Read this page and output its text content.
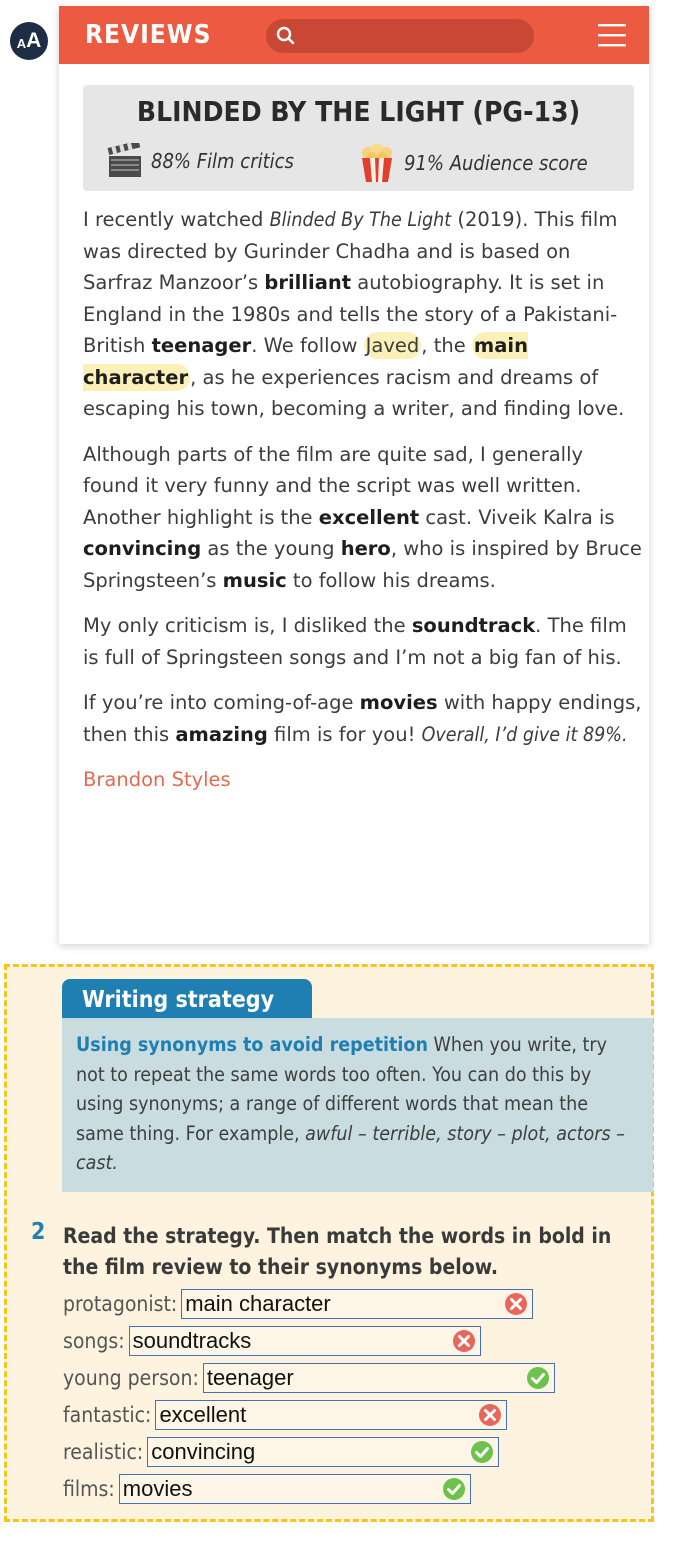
A A REVIEWS
BLINDED BY THE LIGHT (PG-13)
88% Film critics	91% Audience score

I recently watched Blinded By The Light (2019). This film was directed by Gurinder Chadha and is based on Sarfraz Manzoor’s brilliant autobiography. It is set in England in the 1980s and tells the story of a Pakistani-British teenager. We follow Javed , the main character , as he experiences racism and dreams of escaping his town, becoming a writer, and finding love.

Although parts of the film are quite sad, I generally found it very funny and the script was well written. Another highlight is the excellent cast. Viveik Kalra is convincing as the young hero, who is inspired by Bruce Springsteen’s music to follow his dreams.

My only criticism is, I disliked the soundtrack. The film is full of Springsteen songs and I’m not a big fan of his.

If you’re into coming-of-age movies with happy endings, then this amazing film is for you! Overall, I’d give it 89%.

Brandon Styles
Writing strategy
Using synonyms to avoid repetition When you write, try not to repeat the same words too often. You can do this by using synonyms; a range of different words that mean the same thing. For example, awful – terrible, story – plot, actors – cast.
2 Read the strategy. Then match the words in bold in the film review to their synonyms below.
protagonist: main character
songs: soundtracks
young person: teenager
fantastic: excellent
realistic: convincing
films: movies
